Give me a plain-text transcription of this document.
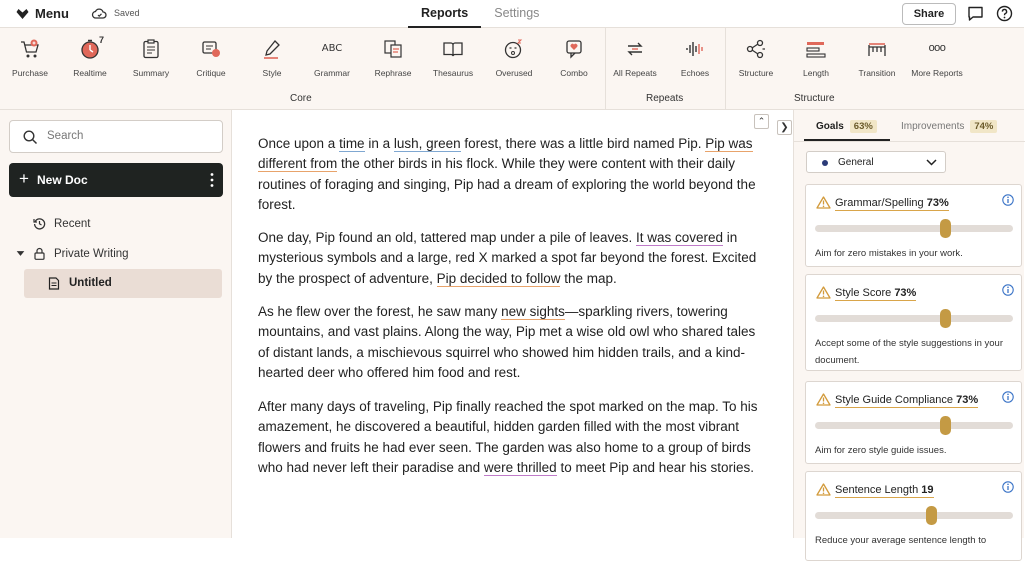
Menu	Saved	Reports	Settings	Share
Purchase
7
Realtime	Summary	Critique	Style
ABC
Grammar	Rephrase	Thesaurus	Overused	Combo	All Repeats	Echoes	Structure	Length	Transition
ooo
More Reports
Core	Repeats	Structure
Search
+ New Doc
Recent
Private Writing
Untitled

Once upon a time in a lush, green forest, there was a little bird named Pip. Pip was different from the other birds in his flock. While they were content with their daily routines of foraging and singing, Pip had a dream of exploring the world beyond the forest.

One day, Pip found an old, tattered map under a pile of leaves. It was covered in mysterious symbols and a large, red X marked a spot far beyond the forest. Excited by the prospect of adventure, Pip decided to follow the map.

As he flew over the forest, he saw many new sights—sparkling rivers, towering mountains, and vast plains. Along the way, Pip met a wise old owl who shared tales of distant lands, a mischievous squirrel who showed him hidden trails, and a kind-hearted deer who offered him food and rest.

After many days of traveling, Pip finally reached the spot marked on the map. To his amazement, he discovered a beautiful, hidden garden filled with the most vibrant flowers and fruits he had ever seen. The garden was also home to a group of birds who had never left their paradise and were thrilled to meet Pip and hear his stories.

⌃
❯	Goals	63%	Improvements	74%
General
Grammar/Spelling 73%
Aim for zero mistakes in your work.
Style Score 73%
Accept some of the style suggestions in your document.
Style Guide Compliance 73%
Aim for zero style guide issues.
Sentence Length 19
Reduce your average sentence length to
